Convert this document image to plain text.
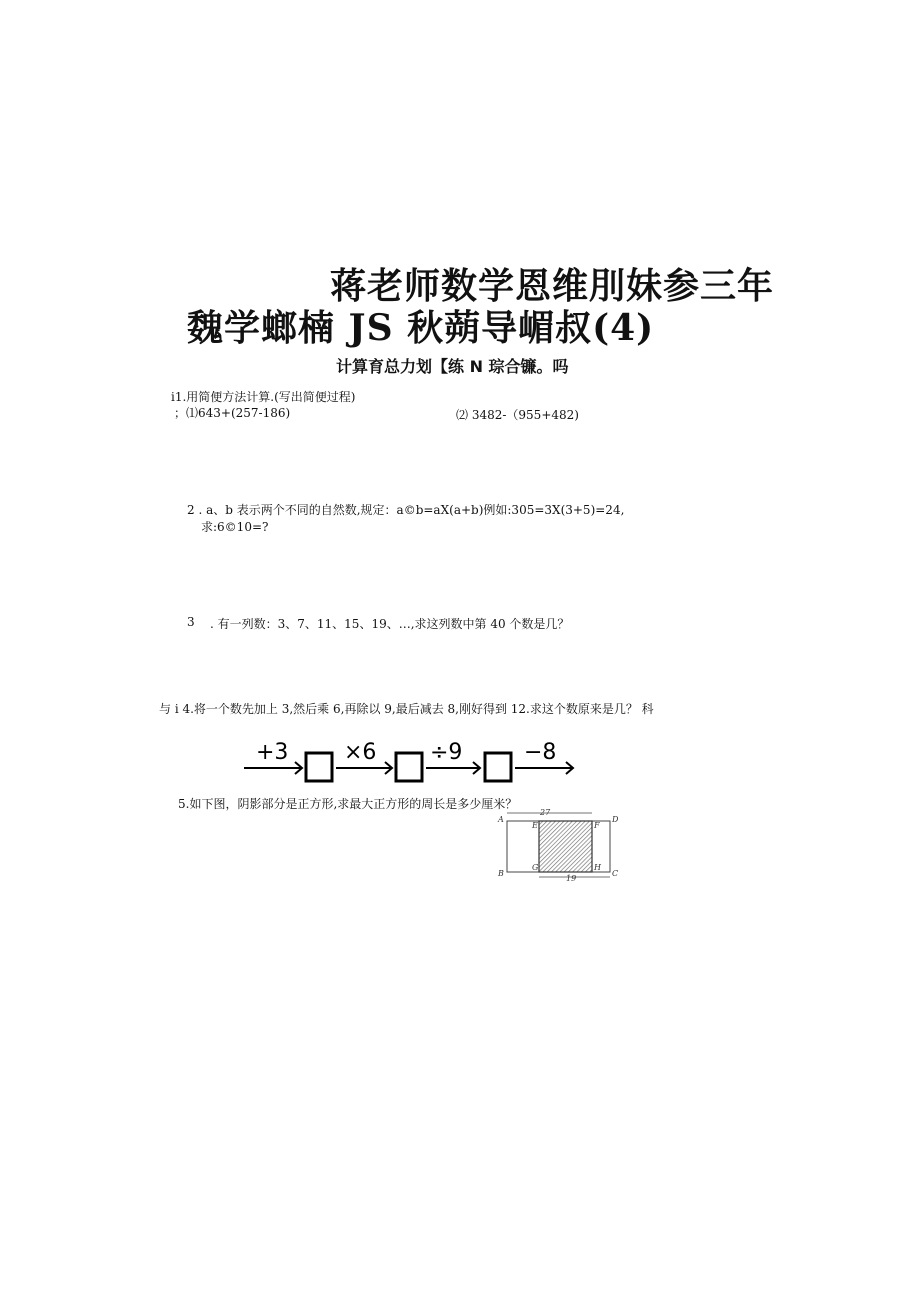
蒋老师数学恩维刖妹参三年
魏学螂楠 JS 秋蒴导嵋叔(4)
计算育总力划【练 N 琮合镰。吗
i1.用简便方法计算.(写出简便过程)
；⑴643+(257-186)	⑵ 3482-（955+482)
2 . a、b 表示两个不同的自然数,规定：a©b=aX(a+b)例如:305=3X(3+5)=24,
求:6©10=?
3 . 有一列数：3、7、11、15、19、…,求这列数中第 40 个数是几？
与 i 4.将一个数先加上 3,然后乘 6,再除以 9,最后减去 8,刚好得到 12.求这个数原来是几？ 科
+3	×6 ÷9	−8
5.如下图，阴影部分是正方形,求最大正方形的周长是多少厘米？
A
B	C
D
E	F
G	H
27
19
